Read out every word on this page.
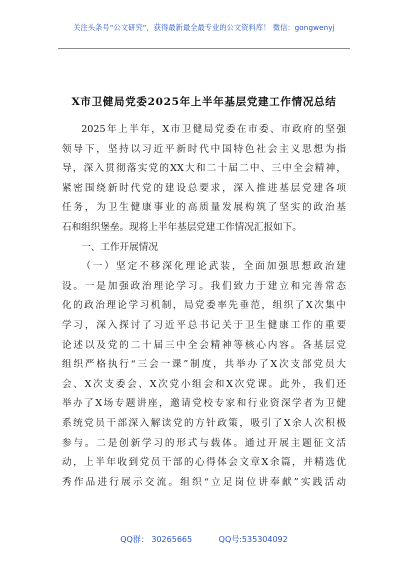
关注头条号“公文研究”，获得最新最全最专业的公文资料库！ 微信：gongwenyj
X市卫健局党委2025年上半年基层党建工作情况总结

2025年上半年，X市卫健局党委在市委、市政府的坚强

领导下，坚持以习近平新时代中国特色社会主义思想为指

导，深入贯彻落实党的XX大和二十届二中、三中全会精神，

紧密围绕新时代党的建设总要求，深入推进基层党建各项

任务，为卫生健康事业的高质量发展构筑了坚实的政治基

石和组织堡垒。现将上半年基层党建工作情况汇报如下。

一、工作开展情况

（一）坚定不移深化理论武装，全面加强思想政治建

设。一是加强政治理论学习。我们致力于建立和完善常态

化的政治理论学习机制，局党委率先垂范，组织了X次集中

学习，深入探讨了习近平总书记关于卫生健康工作的重要

论述以及党的二十届三中全会精神等核心内容。各基层党

组织严格执行“三会一课”制度，共举办了X次支部党员大

会、X次支委会、X次党小组会和X次党课。此外，我们还

举办了X场专题讲座，邀请党校专家和行业资深学者为卫健

系统党员干部深入解读党的方针政策，吸引了X余人次积极

参与。二是创新学习的形式与载体。通过开展主题征文活

动，上半年收到党员干部的心得体会文章X余篇，并精选优

秀作品进行展示交流。组织“立足岗位讲奉献”实践活动

QQ群： 30265665	QQ号:535304092
